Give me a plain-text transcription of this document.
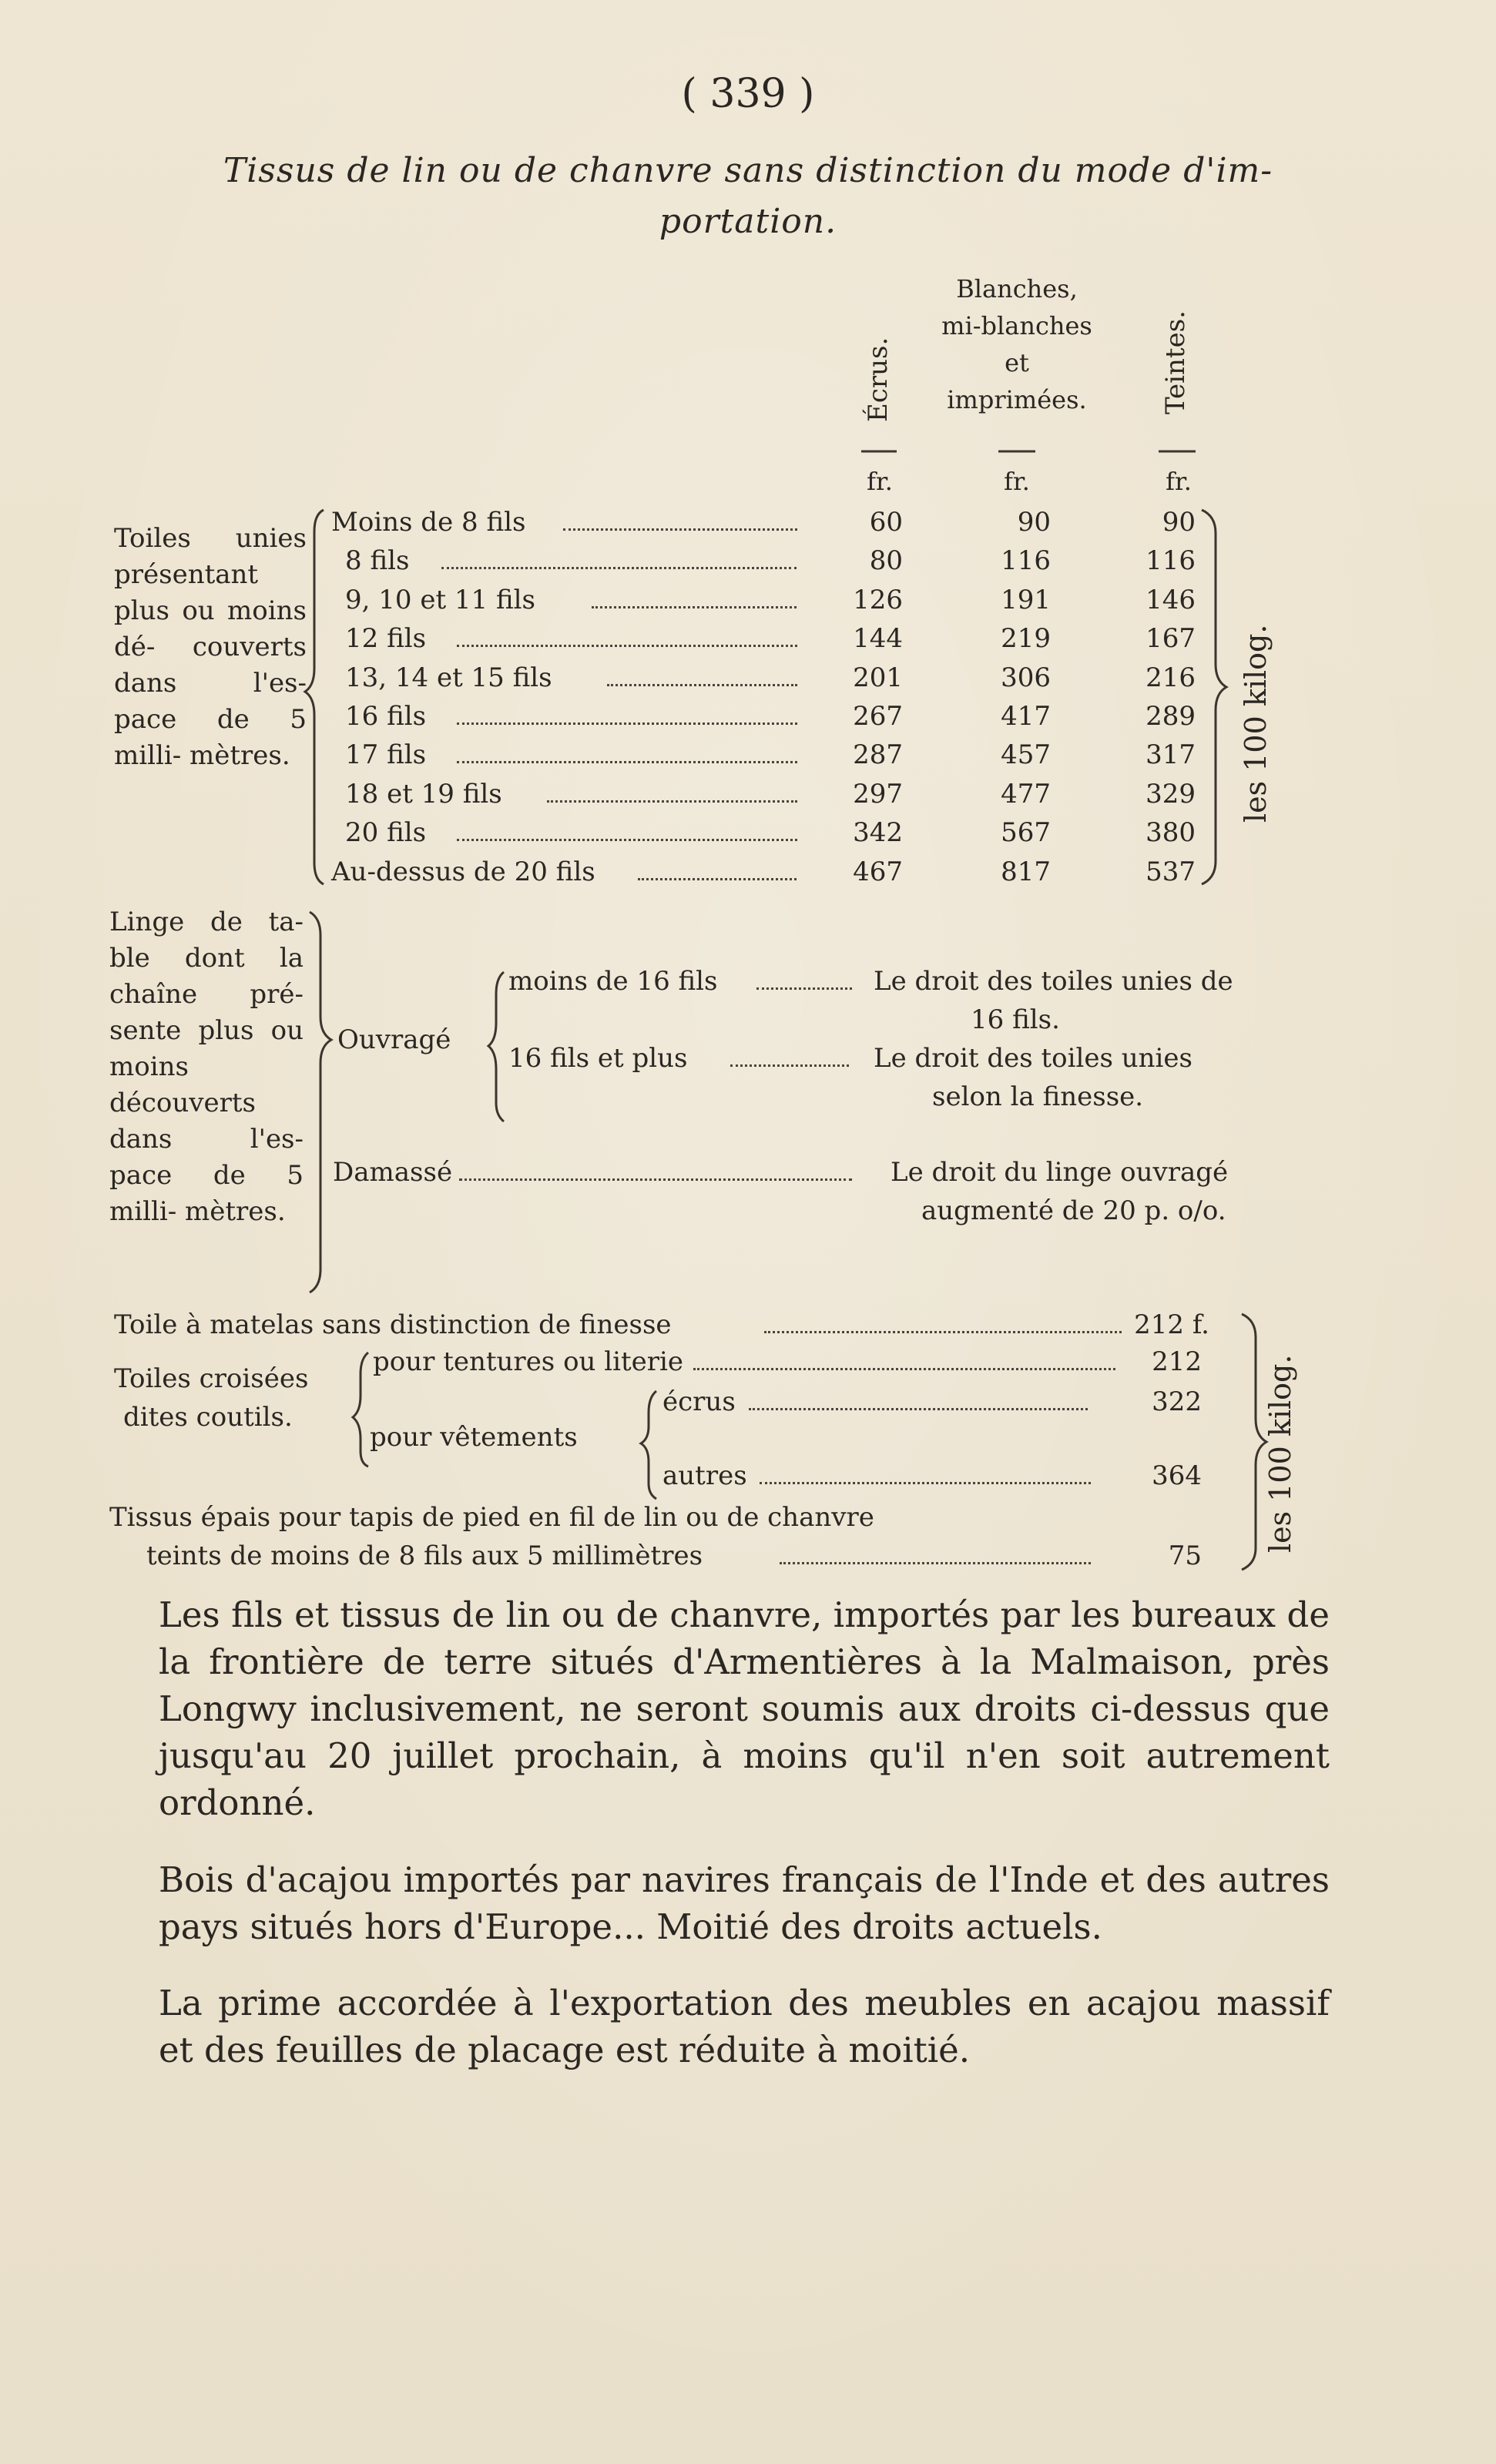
( 339 )
Tissus de lin ou de chanvre sans distinction du mode d'im-
portation.
Écrus.
Blanches,
mi-blanches
et
imprimées.	Teintes.
fr.	fr.	fr.
Toiles unies présentant plus ou moins dé- couverts dans l'es- pace de 5 milli- mètres.
Moins de 8 fils	60	90	90
8 fils	80	116	116
9, 10 et 11 fils	126	191	146
12 fils	144	219	167
13, 14 et 15 fils	201	306	216
16 fils	267	417	289
17 fils	287	457	317
18 et 19 fils	297	477	329
20 fils	342	567	380
Au-dessus de 20 fils	467	817	537
les 100 kilog.
Linge de ta- ble dont la chaîne pré- sente plus ou moins découverts dans l'es- pace de 5 milli- mètres.
Ouvragé
moins de 16 fils	Le droit des toiles unies de
16 fils.
16 fils et plus	Le droit des toiles unies
selon la finesse.
Damassé	Le droit du linge ouvragé
augmenté de 20 p. o/o.
Toile à matelas sans distinction de finesse	212 f.
Toiles croisées
dites coutils.
pour tentures ou literie	212
pour vêtements
écrus	322
autres	364
Tissus épais pour tapis de pied en fil de lin ou de chanvre
teints de moins de 8 fils aux 5 millimètres	75
les 100 kilog.
Les fils et tissus de lin ou de chanvre, importés par les bureaux de la frontière de terre situés d'Armentières à la Malmaison, près Longwy inclusivement, ne seront soumis aux droits ci-dessus que jusqu'au 20 juillet prochain, à moins qu'il n'en soit autrement ordonné.
Bois d'acajou importés par navires français de l'Inde et des autres pays situés hors d'Europe... Moitié des droits actuels.
La prime accordée à l'exportation des meubles en acajou massif et des feuilles de placage est réduite à moitié.
